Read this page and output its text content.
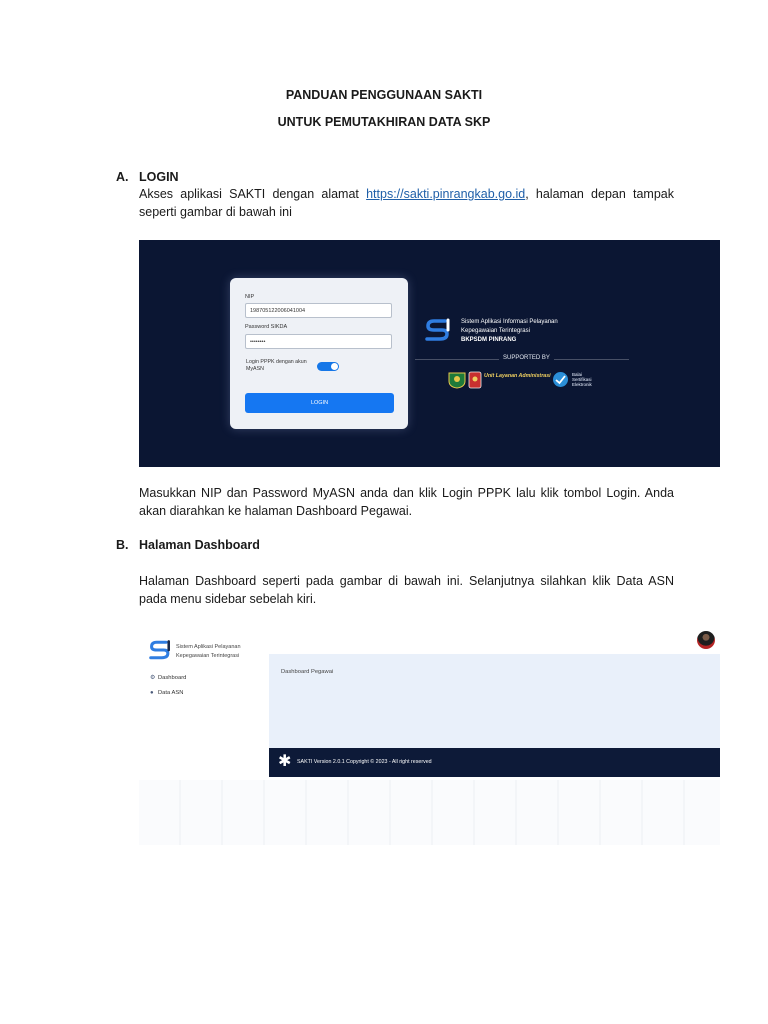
PANDUAN PENGGUNAAN SAKTI
UNTUK PEMUTAKHIRAN DATA SKP
A. LOGIN
Akses aplikasi SAKTI dengan alamat https://sakti.pinrangkab.go.id, halaman depan tampak seperti gambar di bawah ini
NIP
198705122006041004
Password SIKDA
••••••••
Login PPPK dengan akun MyASN
LOGIN
Sistem Aplikasi Informasi Pelayanan
Kepegawaian Terintegrasi
BKPSDM PINRANG
SUPPORTED BY
Unit Layanan Administrasi	Balai Sertifikasi Elektronik
Masukkan NIP dan Password MyASN anda dan klik Login PPPK lalu klik tombol Login. Anda akan diarahkan ke halaman Dashboard Pegawai.
B. Halaman Dashboard
Halaman Dashboard seperti pada gambar di bawah ini. Selanjutnya silahkan klik Data ASN pada menu sidebar sebelah kiri.
Sistem Aplikasi Pelayanan
Kepegawaian Terintegrasi
⚙ Dashboard
● Data ASN
Dashboard Pegawai
✱ SAKTI Version 2.0.1 Copyright © 2023 - All right reserved
